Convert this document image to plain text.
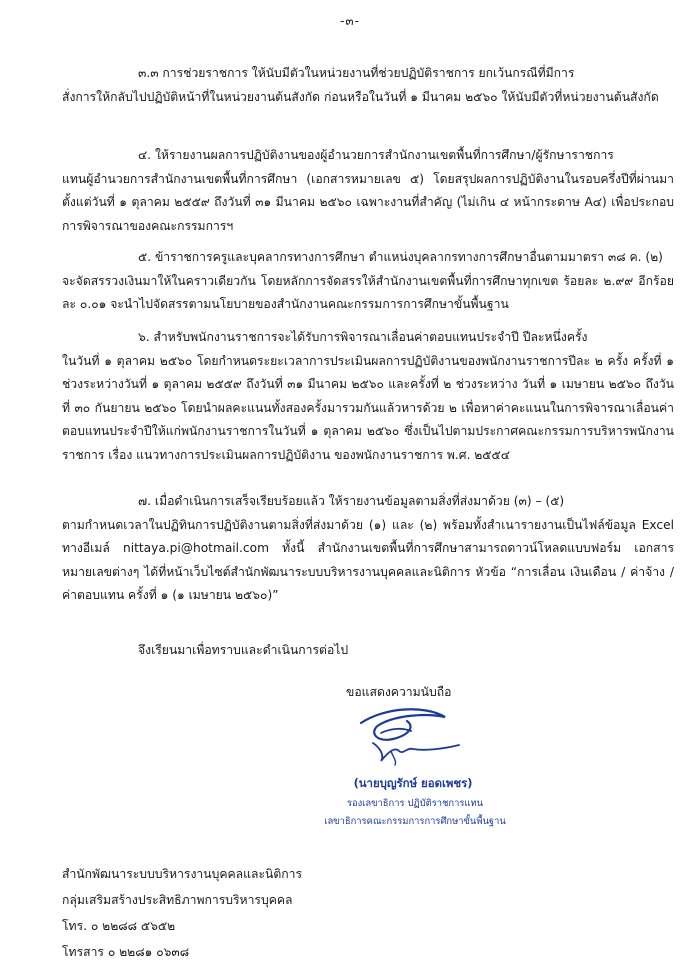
-๓-

๓.๓ การช่วยราชการ ให้นับมีตัวในหน่วยงานที่ช่วยปฏิบัติราชการ ยกเว้นกรณีที่มีการ

สั่งการให้กลับไปปฏิบัติหน้าที่ในหน่วยงานต้นสังกัด ก่อนหรือในวันที่ ๑ มีนาคม ๒๕๖๐ ให้นับมีตัวที่หน่วยงานต้นสังกัด

๔. ให้รายงานผลการปฏิบัติงานของผู้อำนวยการสำนักงานเขตพื้นที่การศึกษา/ผู้รักษาราชการ

แทนผู้อำนวยการสำนักงานเขตพื้นที่การศึกษา (เอกสารหมายเลข ๕) โดยสรุปผลการปฏิบัติงานในรอบครึ่งปีที่ผ่านมา ตั้งแต่วันที่ ๑ ตุลาคม ๒๕๕๙ ถึงวันที่ ๓๑ มีนาคม ๒๕๖๐ เฉพาะงานที่สำคัญ (ไม่เกิน ๔ หน้ากระดาษ A๔) เพื่อประกอบการพิจารณาของคณะกรรมการฯ

๕. ข้าราชการครูและบุคลากรทางการศึกษา ตำแหน่งบุคลากรทางการศึกษาอื่นตามมาตรา ๓๘ ค. (๒)

จะจัดสรรวงเงินมาให้ในคราวเดียวกัน โดยหลักการจัดสรรให้สำนักงานเขตพื้นที่การศึกษาทุกเขต ร้อยละ ๒.๙๙ อีกร้อยละ ๐.๐๑ จะนำไปจัดสรรตามนโยบายของสำนักงานคณะกรรมการการศึกษาขั้นพื้นฐาน

๖. สำหรับพนักงานราชการจะได้รับการพิจารณาเลื่อนค่าตอบแทนประจำปี ปีละหนึ่งครั้ง

ในวันที่ ๑ ตุลาคม ๒๕๖๐ โดยกำหนดระยะเวลาการประเมินผลการปฏิบัติงานของพนักงานราชการปีละ ๒ ครั้ง ครั้งที่ ๑ ช่วงระหว่างวันที่ ๑ ตุลาคม ๒๕๕๙ ถึงวันที่ ๓๑ มีนาคม ๒๕๖๐ และครั้งที่ ๒ ช่วงระหว่าง วันที่ ๑ เมษายน ๒๕๖๐ ถึงวันที่ ๓๐ กันยายน ๒๕๖๐ โดยนำผลคะแนนทั้งสองครั้งมารวมกันแล้วหารด้วย ๒ เพื่อหาค่าคะแนนในการพิจารณาเลื่อนค่าตอบแทนประจำปีให้แก่พนักงานราชการในวันที่ ๑ ตุลาคม ๒๕๖๐ ซึ่งเป็นไปตามประกาศคณะกรรมการบริหารพนักงานราชการ เรื่อง แนวทางการประเมินผลการปฏิบัติงาน ของพนักงานราชการ พ.ศ. ๒๕๕๔

๗. เมื่อดำเนินการเสร็จเรียบร้อยแล้ว ให้รายงานข้อมูลตามสิ่งที่ส่งมาด้วย (๓) – (๕)

ตามกำหนดเวลาในปฏิทินการปฏิบัติงานตามสิ่งที่ส่งมาด้วย (๑) และ (๒) พร้อมทั้งสำเนารายงานเป็นไฟล์ข้อมูล Excel ทางอีเมล์ nittaya.pi@hotmail.com ทั้งนี้ สำนักงานเขตพื้นที่การศึกษาสามารถดาวน์โหลดแบบฟอร์ม เอกสารหมายเลขต่างๆ ได้ที่หน้าเว็บไซต์สำนักพัฒนาระบบบริหารงานบุคคลและนิติการ หัวข้อ “การเลื่อน เงินเดือน / ค่าจ้าง / ค่าตอบแทน ครั้งที่ ๑ (๑ เมษายน ๒๕๖๐)”

จึงเรียนมาเพื่อทราบและดำเนินการต่อไป
ขอแสดงความนับถือ
(นายบุญรักษ์ ยอดเพชร)
รองเลขาธิการ ปฏิบัติราชการแทน
เลขาธิการคณะกรรมการการศึกษาขั้นพื้นฐาน
สำนักพัฒนาระบบบริหารงานบุคคลและนิติการ
กลุ่มเสริมสร้างประสิทธิภาพการบริหารบุคคล
โทร. ๐ ๒๒๘๘ ๕๖๕๒
โทรสาร ๐ ๒๒๘๑ ๐๖๓๘
